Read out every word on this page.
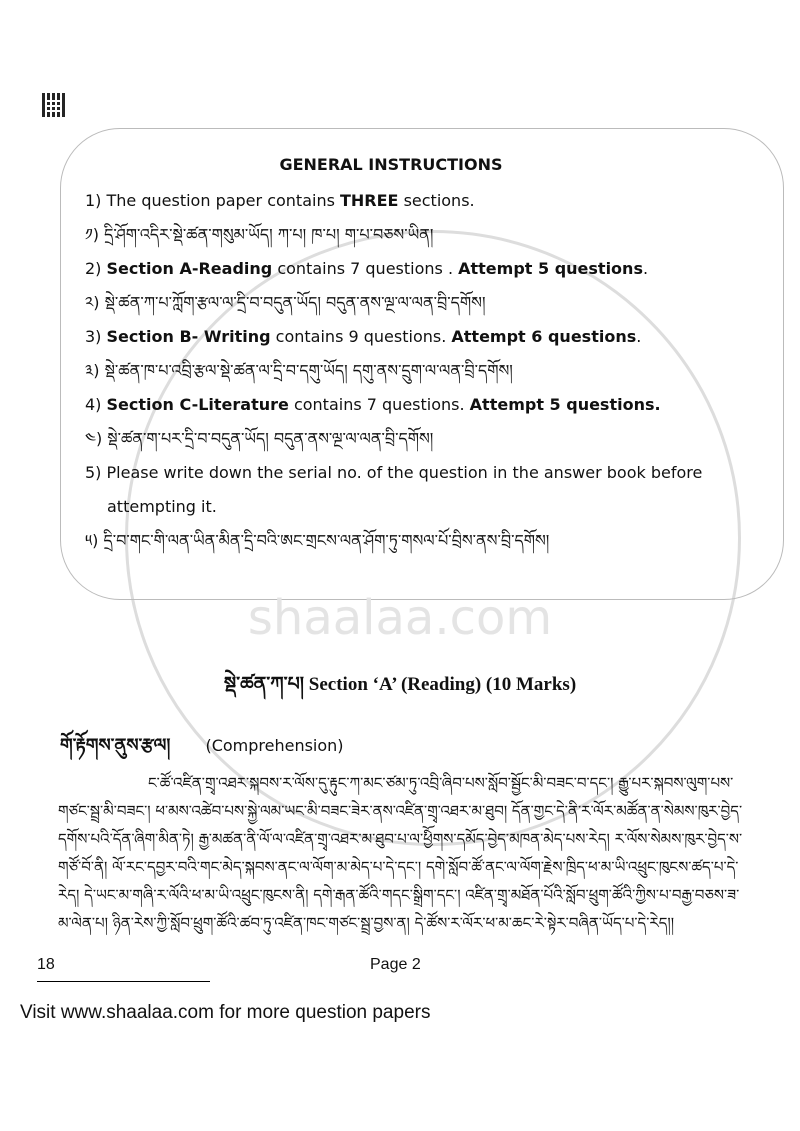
GENERAL INSTRUCTIONS
1) The question paper contains THREE sections.
༡) དྲི་ཤོག་འདིར་སྡེ་ཚན་གསུམ་ཡོད། ཀ་པ། ཁ་པ། ག་པ་བཅས་ཡིན།
2) Section A-Reading contains 7 questions . Attempt 5 questions.
༢) སྡེ་ཚན་ཀ་པ་ཀློག་རྩལ་ལ་དྲི་བ་བདུན་ཡོད། བདུན་ནས་ལྔ་ལ་ལན་བྲི་དགོས།
3) Section B- Writing contains 9 questions. Attempt 6 questions.
༣) སྡེ་ཚན་ཁ་པ་འབྲི་རྩལ་སྡེ་ཚན་ལ་དྲི་བ་དགུ་ཡོད། དགུ་ནས་དྲུག་ལ་ལན་བྲི་དགོས།
4) Section C-Literature contains 7 questions. Attempt 5 questions.
༤) སྡེ་ཚན་ག་པར་དྲི་བ་བདུན་ཡོད། བདུན་ནས་ལྔ་ལ་ལན་བྲི་དགོས།
5) Please write down the serial no. of the question in the answer book before
attempting it.
༥) དྲི་བ་གང་གི་ལན་ཡིན་མིན་དྲི་བའི་ཨང་གྲངས་ལན་ཤོག་ཏུ་གསལ་པོ་བྲིས་ནས་བྲི་དགོས།
shaalaa.com
སྡེ་ཚན་ཀ་པ། Section ‘A’ (Reading) (10 Marks)
གོ་རྟོགས་ནུས་རྩལ། (Comprehension)
ང་ཚོ་འཛིན་གྲྭ་འཐར་སྐབས་ར་ལོས་དུ་རྟུང་ཀ་མང་ཙམ་ཏུ་འབྲི་ཞིབ་པས་སློབ་སྦྱོང་མི་བཟང་བ་དང་། རྒྱུ་པར་སྐབས་ལུག་པས་གཙང་སྦྲ་མི་བཟང་། ཕ་མས་འཚེབ་པས་སྐྱེ་ལམ་ཡང་མི་བཟང་ཟེར་ནས་འཛིན་གྲྭ་འཐར་མ་ཐུབ། དོན་གྱང་དེ་ནི་ར་ལོར་མཚོན་ན་སེམས་ཁུར་བྱེད་དགོས་པའི་དོན་ཞིག་མིན་ཏེ། རྒྱ་མཚན་ནི་ལོ་ལ་འཛིན་གྲྭ་འཐར་མ་ཐུབ་པ་ལ་ཕྱིོགས་དམོད་བྱེད་མཁན་མེད་པས་རེད། ར་ལོས་སེམས་ཁུར་བྱེད་ས་གཙོ་བོ་ནི། ལོ་རང་དབྱར་བའི་གང་མེད་སྐབས་ནང་ལ་ལོག་མ་མེད་པ་དེ་དང་། དགེ་སློབ་ཚོ་ནང་ལ་ལོག་རྗེས་ཁྲིད་ཕ་མ་ཡི་འཕྲུང་ཁུངས་ཚད་པ་དེ་རེད། དེ་ཡང་མ་གཞི་ར་ལོའི་ཕ་མ་ཡི་འཕྲུང་ཁུངས་ནི། དགེ་རྒན་ཚོའི་གདང་སྒྲིག་དང་། འཛིན་གྲྭ་མཐོན་པོའི་སློབ་ཕྲུག་ཚོའི་ཀྱིས་པ་བརྒྱ་བཅས་ཟ་མ་ལེན་པ། ཉིན་རེས་ཀྱི་སློབ་ཕྲུག་ཚོའི་ཚབ་ཏུ་འཛིན་ཁང་གཙང་སྦྲ་བྱས་ན། དེ་ཚོས་ར་ལོར་ཕ་མ་ཆང་རེ་སྟེར་བཞིན་ཡོད་པ་དེ་རེད།།
18	Page 2
Visit www.shaalaa.com for more question papers
